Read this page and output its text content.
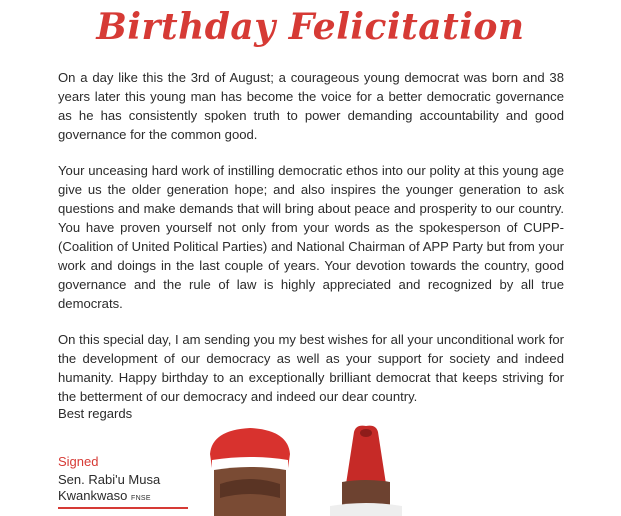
Birthday Felicitation

On a day like this the 3rd of August; a courageous young democrat was born and 38 years later this young man has become the voice for a better democratic governance as he has consistently spoken truth to power demanding accountability and good governance for the common good.

Your unceasing hard work of instilling democratic ethos into our polity at this young age give us the older generation hope; and also inspires the younger generation to ask questions and make demands that will bring about peace and prosperity to our country. You have proven yourself not only from your words as the spokesperson of CUPP-(Coalition of United Political Parties) and National Chairman of APP Party but from your work and doings in the last couple of years. Your devotion towards the country, good governance and the rule of law is highly appreciated and recognized by all true democrats.

On this special day, I am sending you my best wishes for all your unconditional work for the development of our democracy as well as your support for society and indeed humanity. Happy birthday to an exceptionally brilliant democrat that keeps striving for the betterment of our democracy and indeed our dear country.

Best regards
Signed
Sen. Rabi'u Musa
Kwankwaso FNSE
